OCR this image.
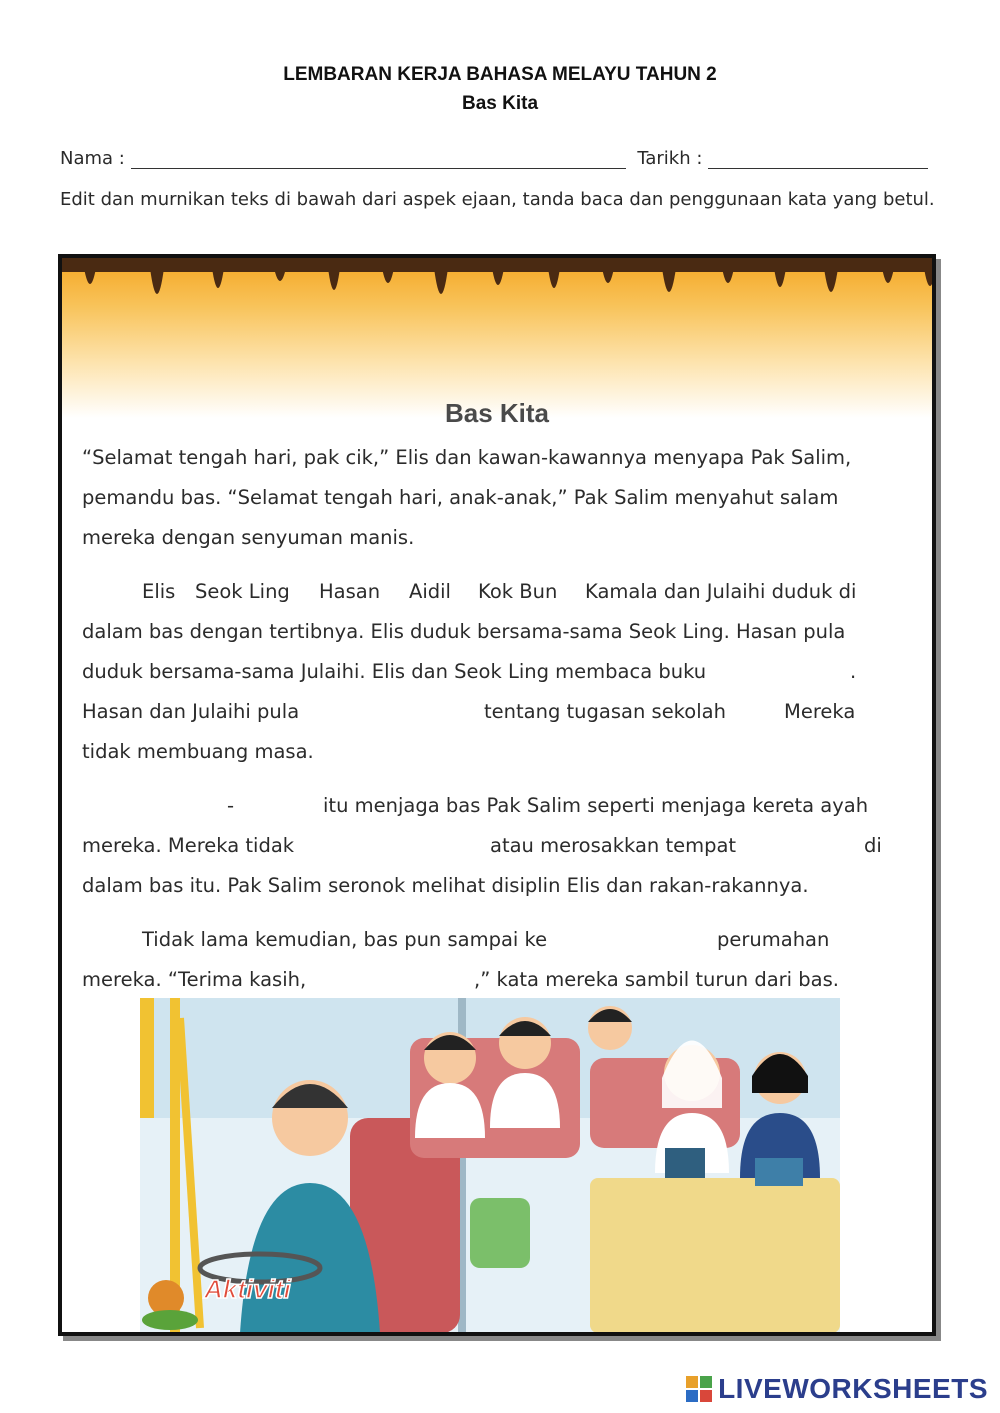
LEMBARAN KERJA BAHASA MELAYU TAHUN 2
Bas Kita
Nama :	Tarikh :
Edit dan murnikan teks di bawah dari aspek ejaan, tanda baca dan penggunaan kata yang betul.
Bas Kita
“Selamat tengah hari, pak cik,” Elis dan kawan-kawannya menyapa Pak Salim,
pemandu bas. “Selamat tengah hari, anak-anak,” Pak Salim menyahut salam
mereka dengan senyuman manis.
Elis Seok Ling Hasan Aidil Kok Bun Kamala dan Julaihi duduk di
dalam bas dengan tertibnya. Elis duduk bersama-sama Seok Ling. Hasan pula
duduk bersama-sama Julaihi. Elis dan Seok Ling membaca buku	.
Hasan dan Julaihi pula	tentang tugasan sekolah	Mereka
tidak membuang masa.
-	itu menjaga bas Pak Salim seperti menjaga kereta ayah
mereka. Mereka tidak	atau merosakkan tempat	di
dalam bas itu. Pak Salim seronok melihat disiplin Elis dan rakan-rakannya.
Tidak lama kemudian, bas pun sampai ke	perumahan
mereka. “Terima kasih,	,” kata mereka sambil turun dari bas.
Aktiviti
LIVEWORKSHEETS
